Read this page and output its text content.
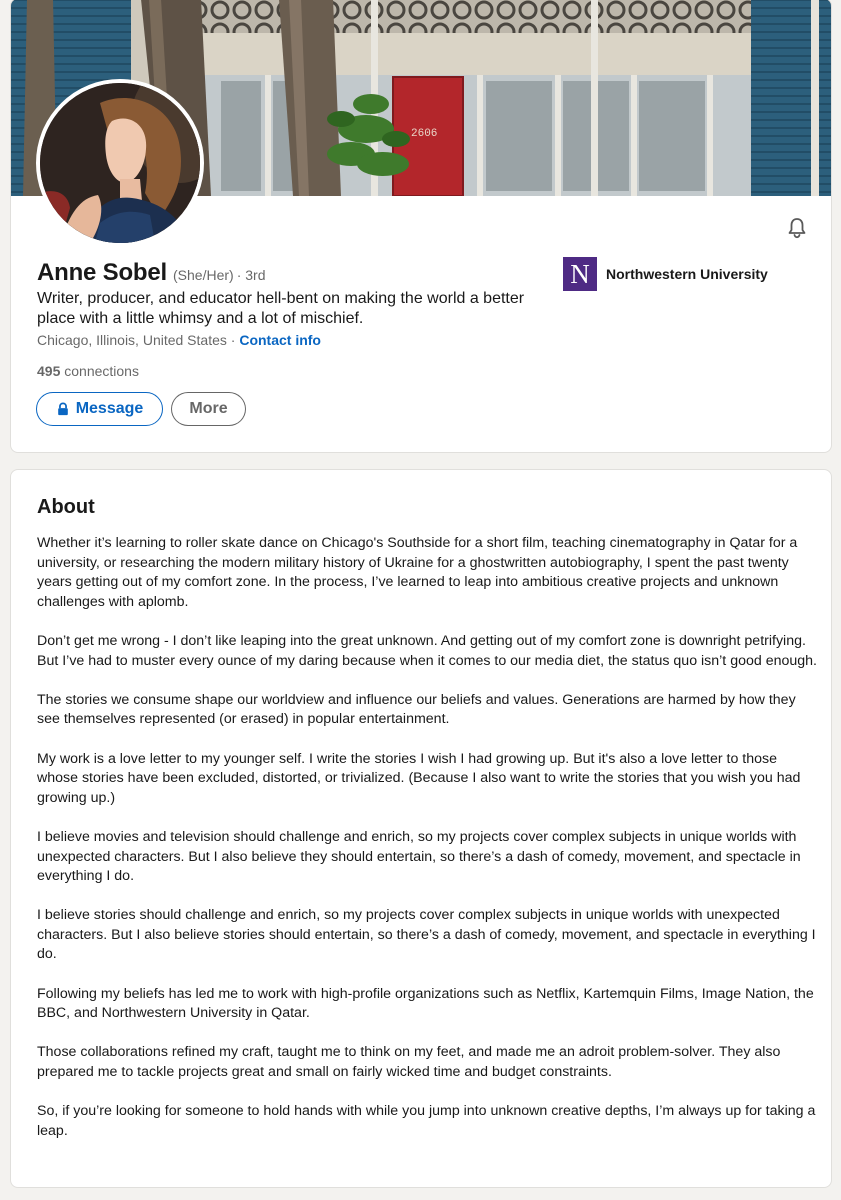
2606
Anne Sobel (She/Her) · 3rd
Writer, producer, and educator hell-bent on making the world a better place with a little whimsy and a lot of mischief.
Chicago, Illinois, United States · Contact info
495 connections
Message	More
N	Northwestern University
About

Whether it’s learning to roller skate dance on Chicago's Southside for a short film, teaching cinematography in Qatar for a university, or researching the modern military history of Ukraine for a ghostwritten autobiography, I spent the past twenty years getting out of my comfort zone. In the process, I’ve learned to leap into ambitious creative projects and unknown challenges with aplomb.

Don’t get me wrong - I don’t like leaping into the great unknown. And getting out of my comfort zone is downright petrifying. But I’ve had to muster every ounce of my daring because when it comes to our media diet, the status quo isn’t good enough.

The stories we consume shape our worldview and influence our beliefs and values. Generations are harmed by how they see themselves represented (or erased) in popular entertainment.

My work is a love letter to my younger self. I write the stories I wish I had growing up. But it's also a love letter to those whose stories have been excluded, distorted, or trivialized. (Because I also want to write the stories that you wish you had growing up.)

I believe movies and television should challenge and enrich, so my projects cover complex subjects in unique worlds with unexpected characters. But I also believe they should entertain, so there’s a dash of comedy, movement, and spectacle in everything I do.

I believe stories should challenge and enrich, so my projects cover complex subjects in unique worlds with unexpected characters. But I also believe stories should entertain, so there’s a dash of comedy, movement, and spectacle in everything I do.

Following my beliefs has led me to work with high-profile organizations such as Netflix, Kartemquin Films, Image Nation, the BBC, and Northwestern University in Qatar.

Those collaborations refined my craft, taught me to think on my feet, and made me an adroit problem-solver. They also prepared me to tackle projects great and small on fairly wicked time and budget constraints.

So, if you’re looking for someone to hold hands with while you jump into unknown creative depths, I’m always up for taking a leap.
